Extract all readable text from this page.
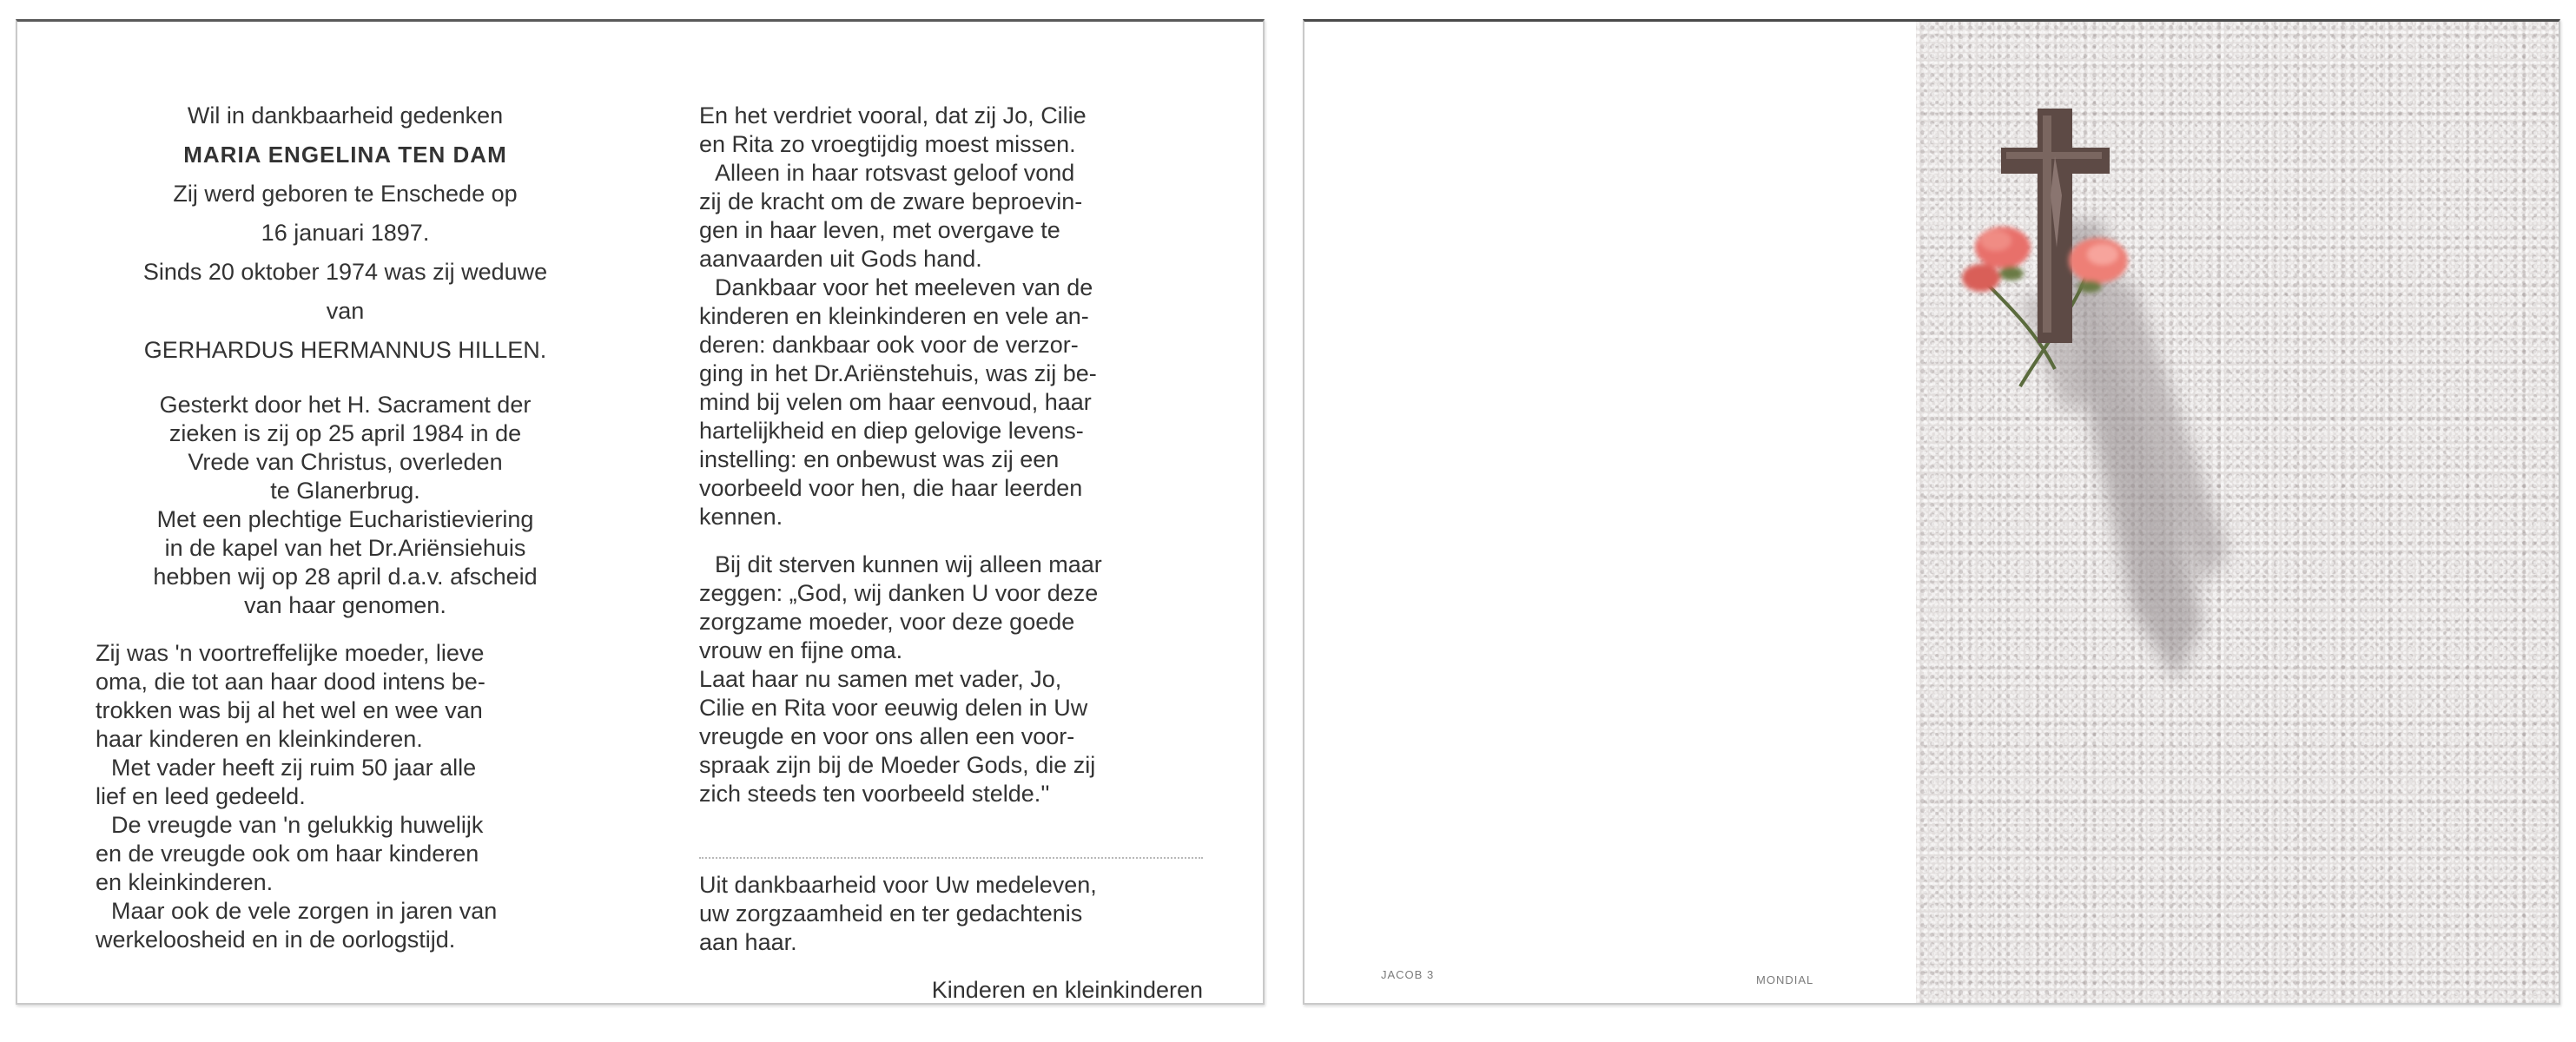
Wil in dankbaarheid gedenken

MARIA ENGELINA TEN DAM

Zij werd geboren te Enschede op

16 januari 1897.

Sinds 20 oktober 1974 was zij weduwe

van

GERHARDUS HERMANNUS HILLEN.

Gesterkt door het H. Sacrament der

zieken is zij op 25 april 1984 in de

Vrede van Christus, overleden

te Glanerbrug.

Met een plechtige Eucharistieviering

in de kapel van het Dr.Ariënsiehuis

hebben wij op 28 april d.a.v. afscheid

van haar genomen.

Zij was 'n voortreffelijke moeder, lieve

oma, die tot aan haar dood intens be-

trokken was bij al het wel en wee van

haar kinderen en kleinkinderen.

Met vader heeft zij ruim 50 jaar alle

lief en leed gedeeld.

De vreugde van 'n gelukkig huwelijk

en de vreugde ook om haar kinderen

en kleinkinderen.

Maar ook de vele zorgen in jaren van

werkeloosheid en in de oorlogstijd.

En het verdriet vooral, dat zij Jo, Cilie

en Rita zo vroegtijdig moest missen.

Alleen in haar rotsvast geloof vond

zij de kracht om de zware beproevin-

gen in haar leven, met overgave te

aanvaarden uit Gods hand.

Dankbaar voor het meeleven van de

kinderen en kleinkinderen en vele an-

deren: dankbaar ook voor de verzor-

ging in het Dr.Ariënstehuis, was zij be-

mind bij velen om haar eenvoud, haar

hartelijkheid en diep gelovige levens-

instelling: en onbewust was zij een

voorbeeld voor hen, die haar leerden

kennen.

Bij dit sterven kunnen wij alleen maar

zeggen: „God, wij danken U voor deze

zorgzame moeder, voor deze goede

vrouw en fijne oma.

Laat haar nu samen met vader, Jo,

Cilie en Rita voor eeuwig delen in Uw

vreugde en voor ons allen een voor-

spraak zijn bij de Moeder Gods, die zij

zich steeds ten voorbeeld stelde.''

Uit dankbaarheid voor Uw medeleven,

uw zorgzaamheid en ter gedachtenis

aan haar.

Kinderen en kleinkinderen

JACOB 3	MONDIAL
